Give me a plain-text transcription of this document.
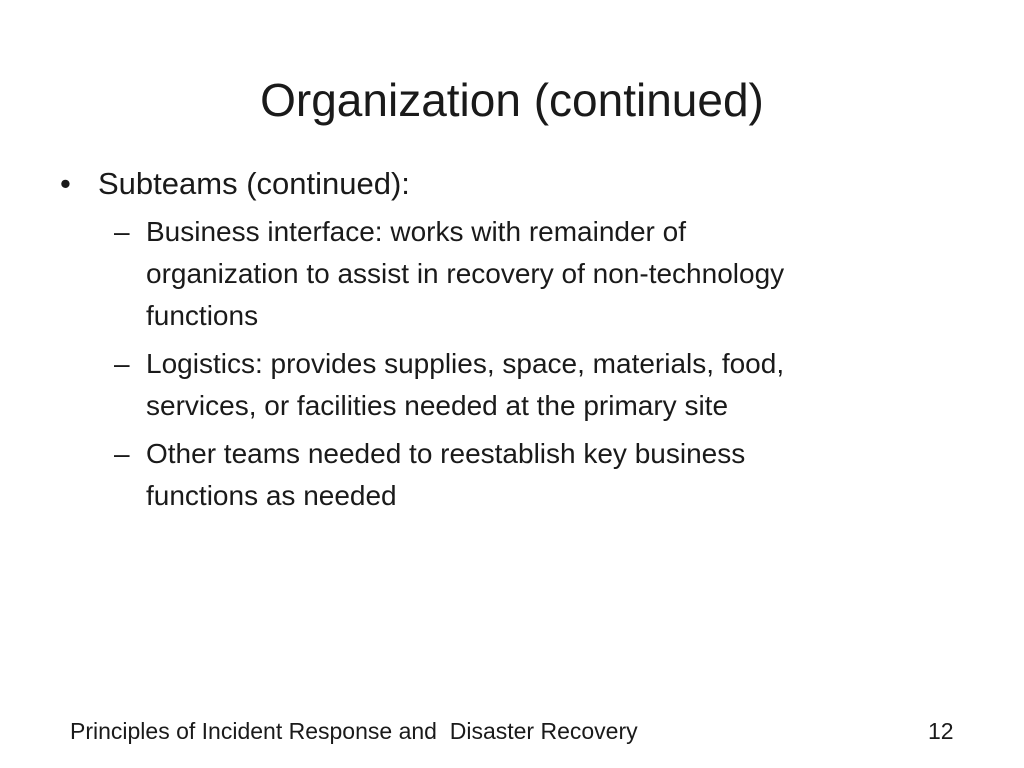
Organization (continued)
• Subteams (continued):
– Business interface: works with remainder of
organization to assist in recovery of non-technology
functions
– Logistics: provides supplies, space, materials, food,
services, or facilities needed at the primary site
– Other teams needed to reestablish key business
functions as needed
Principles of Incident Response and  Disaster Recovery	12
